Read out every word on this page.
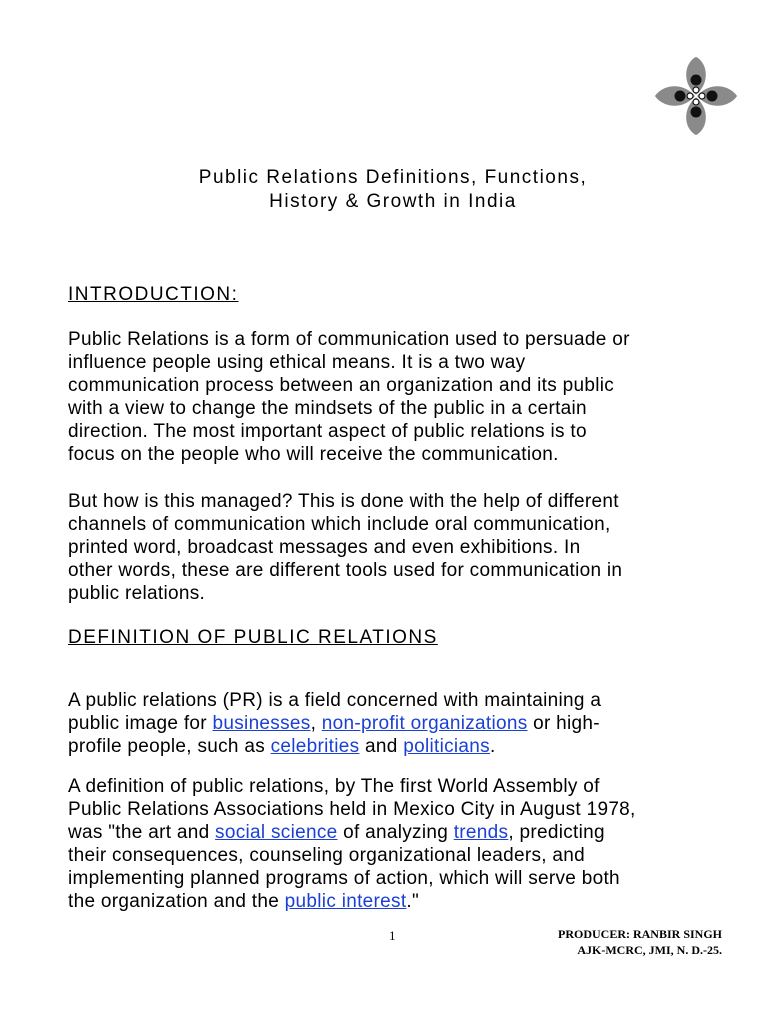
Public Relations Definitions, Functions,
History & Growth in India
INTRODUCTION:
Public Relations is a form of communication used to persuade or
influence people using ethical means. It is a two way
communication process between an organization and its public
with a view to change the mindsets of the public in a certain
direction. The most important aspect of public relations is to
focus on the people who will receive the communication.
But how is this managed? This is done with the help of different
channels of communication which include oral communication,
printed word, broadcast messages and even exhibitions. In
other words, these are different tools used for communication in
public relations.
DEFINITION OF PUBLIC RELATIONS
A public relations (PR) is a field concerned with maintaining a
public image for businesses, non-profit organizations or high-
profile people, such as celebrities and politicians.
A definition of public relations, by The first World Assembly of
Public Relations Associations held in Mexico City in August 1978,
was "the art and social science of analyzing trends, predicting
their consequences, counseling organizational leaders, and
implementing planned programs of action, which will serve both
the organization and the public interest."
1	PRODUCER: RANBIR SINGH
AJK-MCRC, JMI, N. D.-25.
